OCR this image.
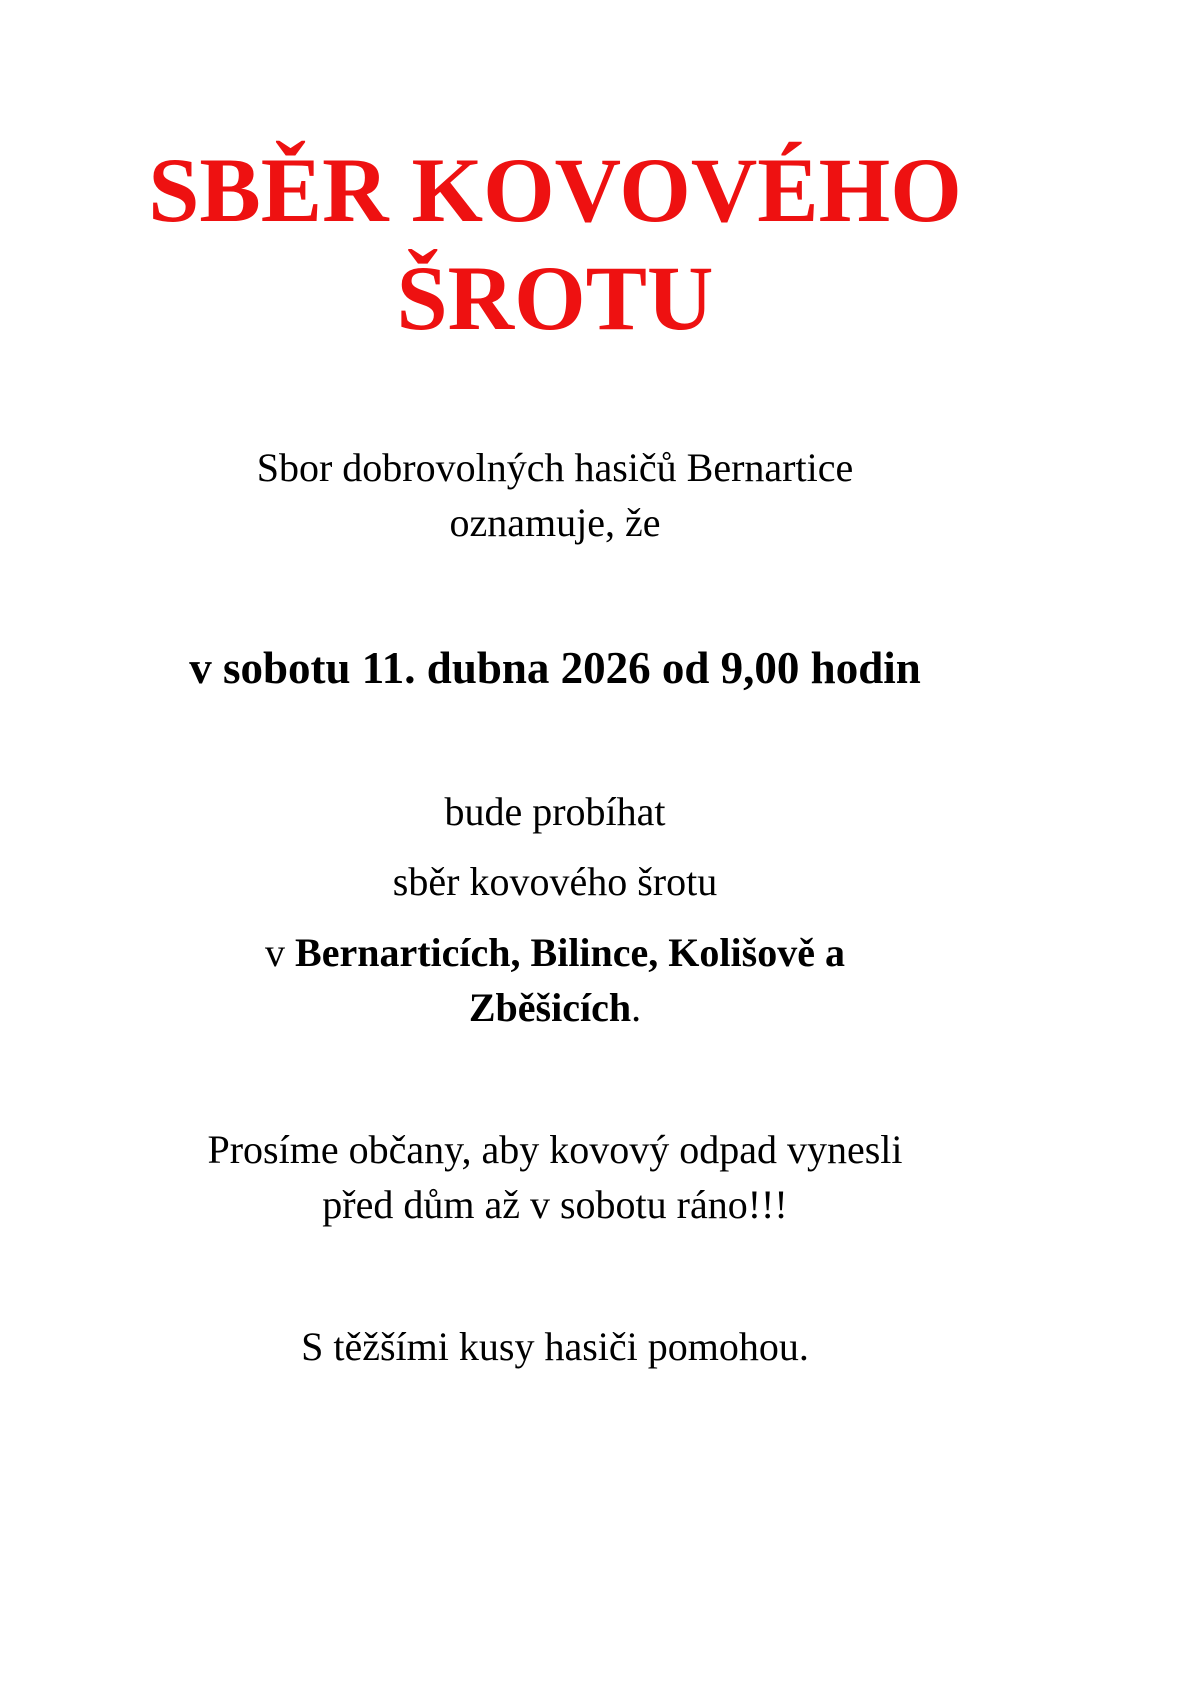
SBĚR KOVOVÉHO
ŠROTU
Sbor dobrovolných hasičů Bernartice
oznamuje, že
v sobotu 11. dubna 2026 od 9,00 hodin
bude probíhat
sběr kovového šrotu
v Bernarticích, Bilince, Kolišově a
Zběšicích.
Prosíme občany, aby kovový odpad vynesli
před dům až v sobotu ráno!!!
S těžšími kusy hasiči pomohou.
